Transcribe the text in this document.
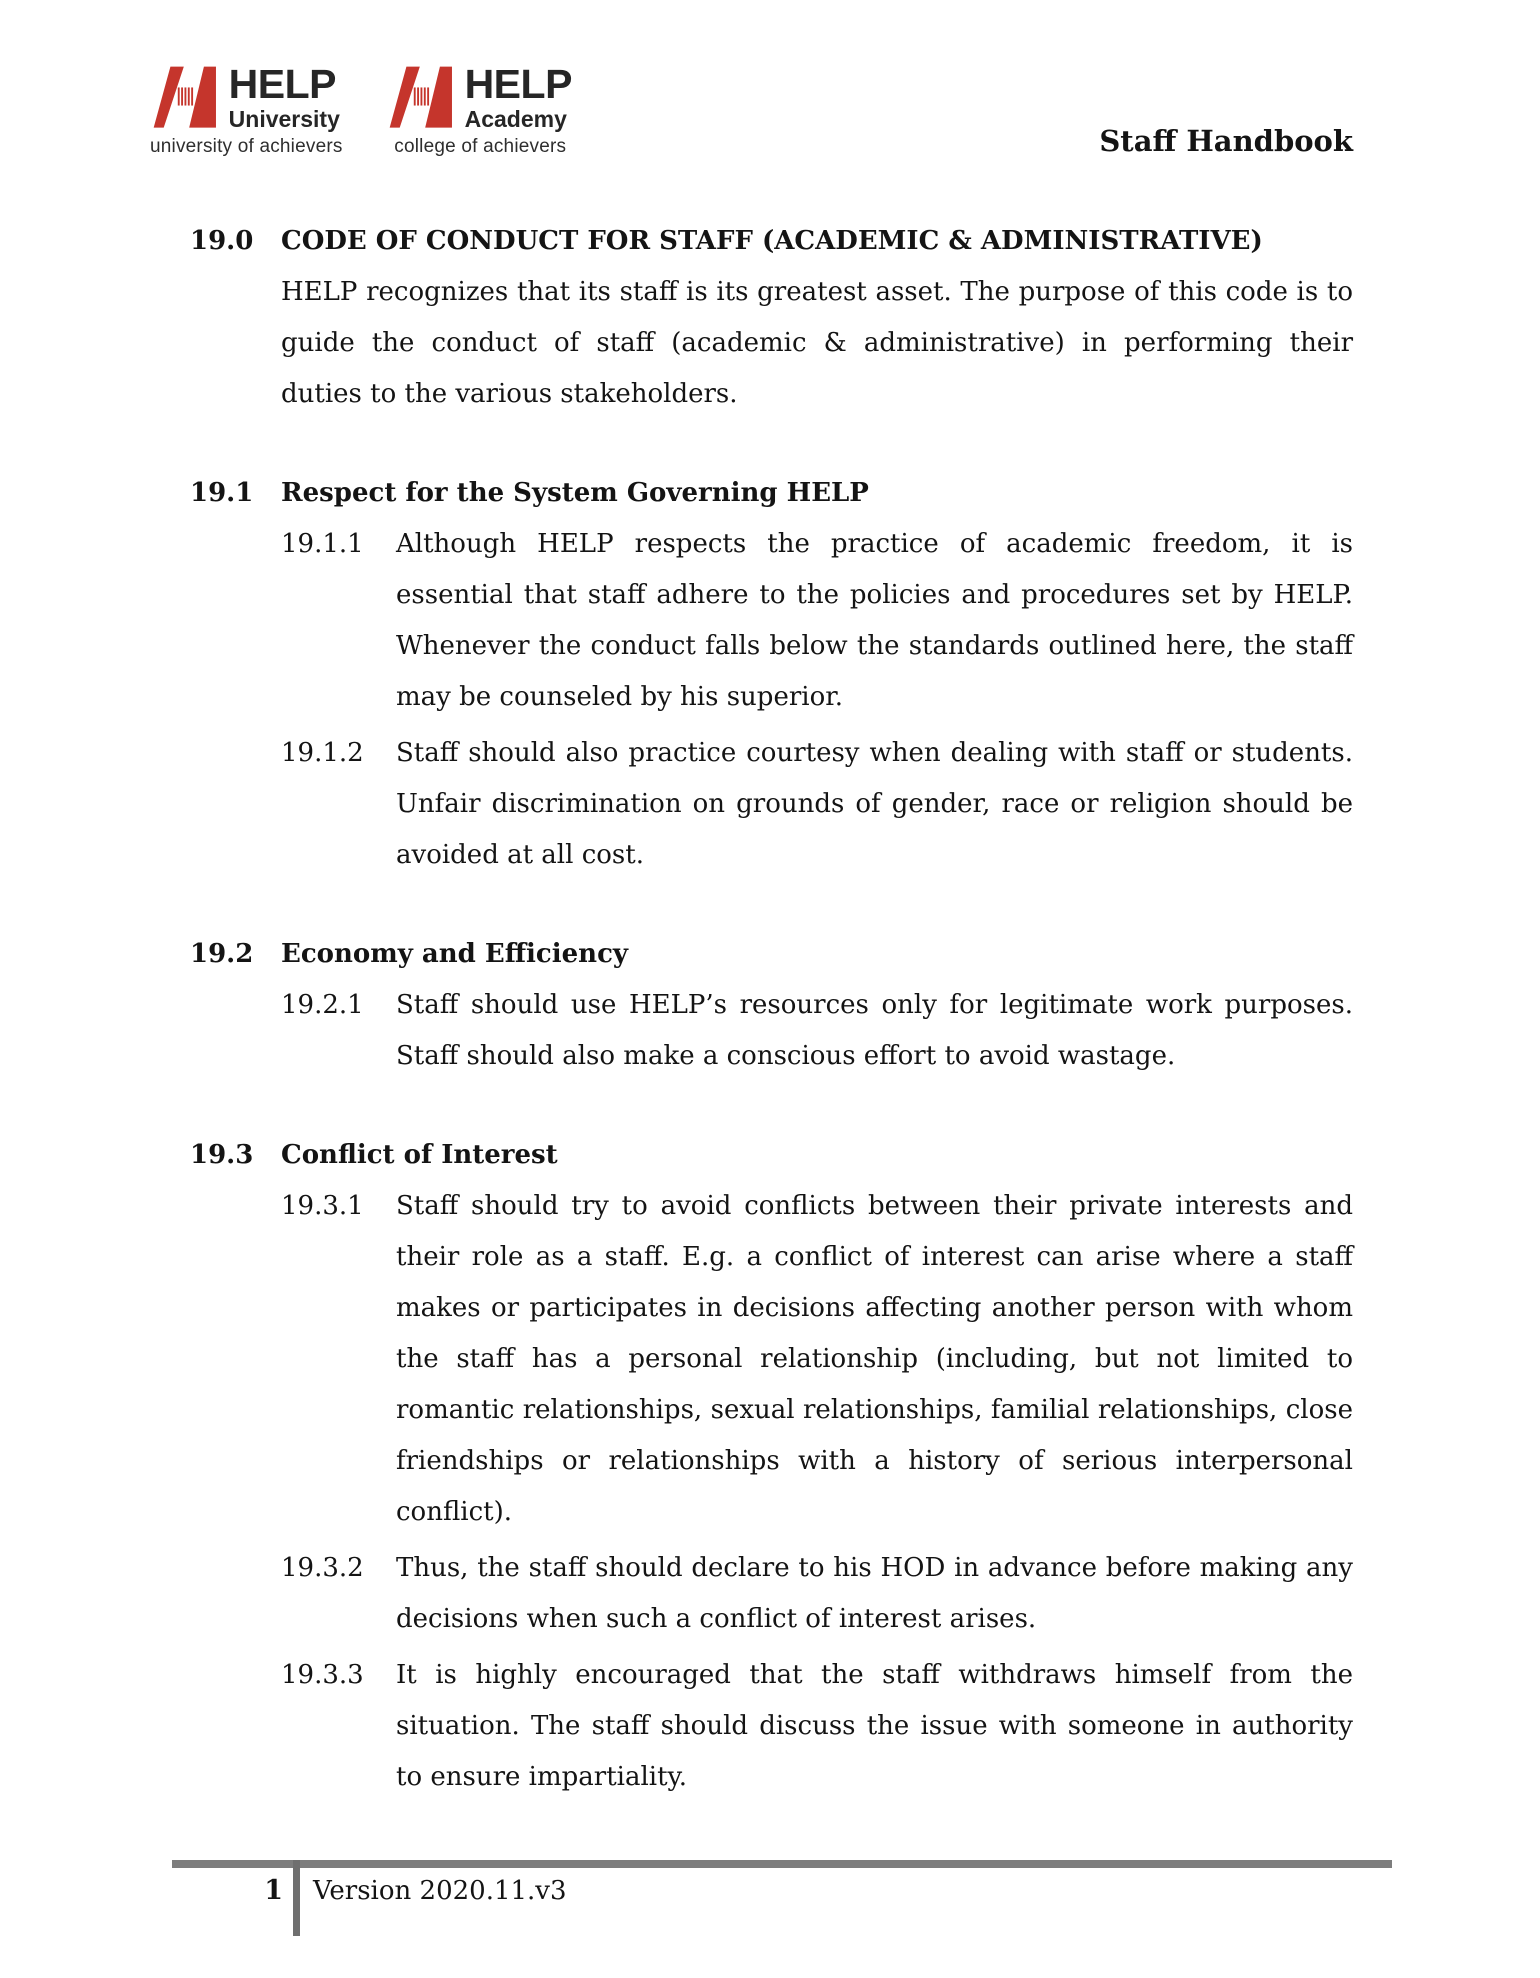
HELP
University
university of achievers
HELP
Academy
college of achievers	Staff Handbook
19.0	CODE OF CONDUCT FOR STAFF (ACADEMIC & ADMINISTRATIVE)

HELP recognizes that its staff is its greatest asset. The purpose of this code is to guide the conduct of staff (academic & administrative) in performing their duties to the various stakeholders.

19.1	Respect for the System Governing HELP
19.1.1	Although HELP respects the practice of academic freedom, it is essential that staff adhere to the policies and procedures set by HELP. Whenever the conduct falls below the standards outlined here, the staff may be counseled by his superior.
19.1.2	Staff should also practice courtesy when dealing with staff or students. Unfair discrimination on grounds of gender, race or religion should be avoided at all cost.
19.2	Economy and Efficiency
19.2.1	Staff should use HELP’s resources only for legitimate work purposes. Staff should also make a conscious effort to avoid wastage.
19.3	Conflict of Interest
19.3.1	Staff should try to avoid conflicts between their private interests and their role as a staff. E.g. a conflict of interest can arise where a staff makes or participates in decisions affecting another person with whom the staff has a personal relationship (including, but not limited to romantic relationships, sexual relationships, familial relationships, close friendships or relationships with a history of serious interpersonal conflict).
19.3.2	Thus, the staff should declare to his HOD in advance before making any decisions when such a conflict of interest arises.
19.3.3	It is highly encouraged that the staff withdraws himself from the situation. The staff should discuss the issue with someone in authority to ensure impartiality.
1 Version 2020.11.v3
